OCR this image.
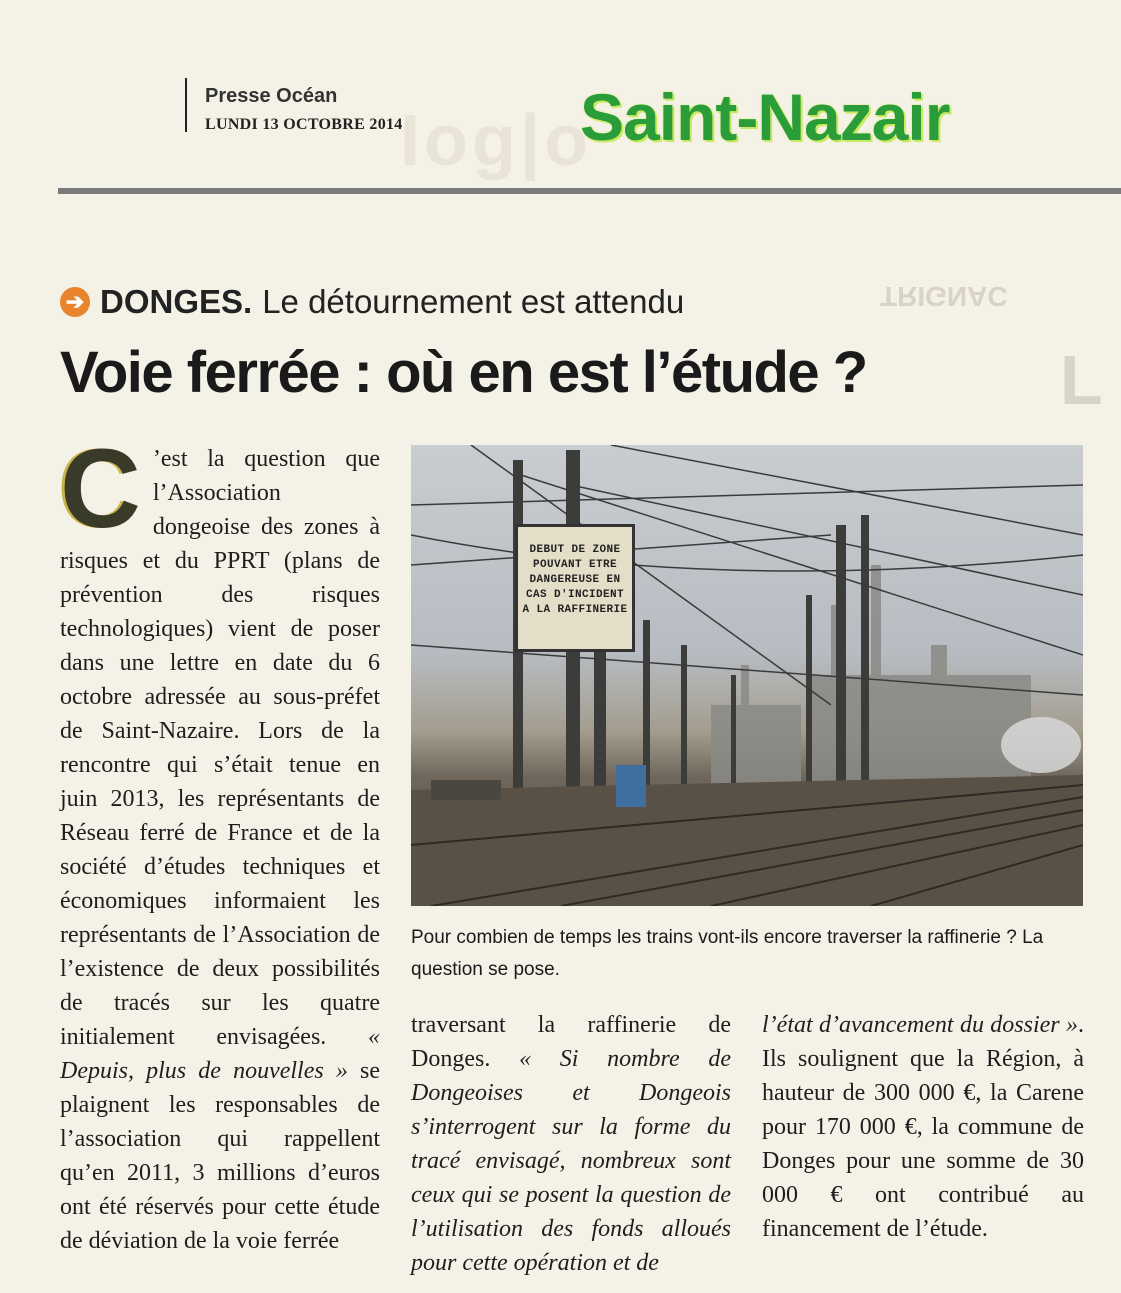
I​og|o
TRIGNAC
L
Presse Océan
LUNDI 13 OCTOBRE 2014	Saint-Nazair
➔ DONGES. Le détournement est attendu
Voie ferrée : où en est l’étude ?
C ’est la question que l’Association dongeoise des zones à risques et du PPRT (plans de prévention des risques technologiques) vient de poser dans une lettre en date du 6 octobre adressée au sous-préfet de Saint-Nazaire. Lors de la rencontre qui s’était tenue en juin 2013, les représentants de Réseau ferré de France et de la société d’études techniques et économiques informaient les représentants de l’Association de l’existence de deux possibilités de tracés sur les quatre initialement envisagées. « Depuis, plus de nouvelles » se plaignent les responsables de l’association qui rappellent qu’en 2011, 3 millions d’euros ont été réservés pour cette étude de déviation de la voie ferrée
DEBUT DE ZONE POUVANT ETRE DANGEREUSE EN CAS D'INCIDENT A LA RAFFINERIE
Pour combien de temps les trains vont-ils encore traverser la raffinerie ? La question se pose.
traversant la raffinerie de Donges. « Si nombre de Dongeoises et Dongeois s’interrogent sur la forme du tracé envisagé, nombreux sont ceux qui se posent la question de l’utilisation des fonds alloués pour cette opération et de
l’état d’avancement du dossier ». Ils soulignent que la Région, à hauteur de 300 000 €, la Carene pour 170 000 €, la commune de Donges pour une somme de 30 000 € ont contribué au financement de l’étude.
